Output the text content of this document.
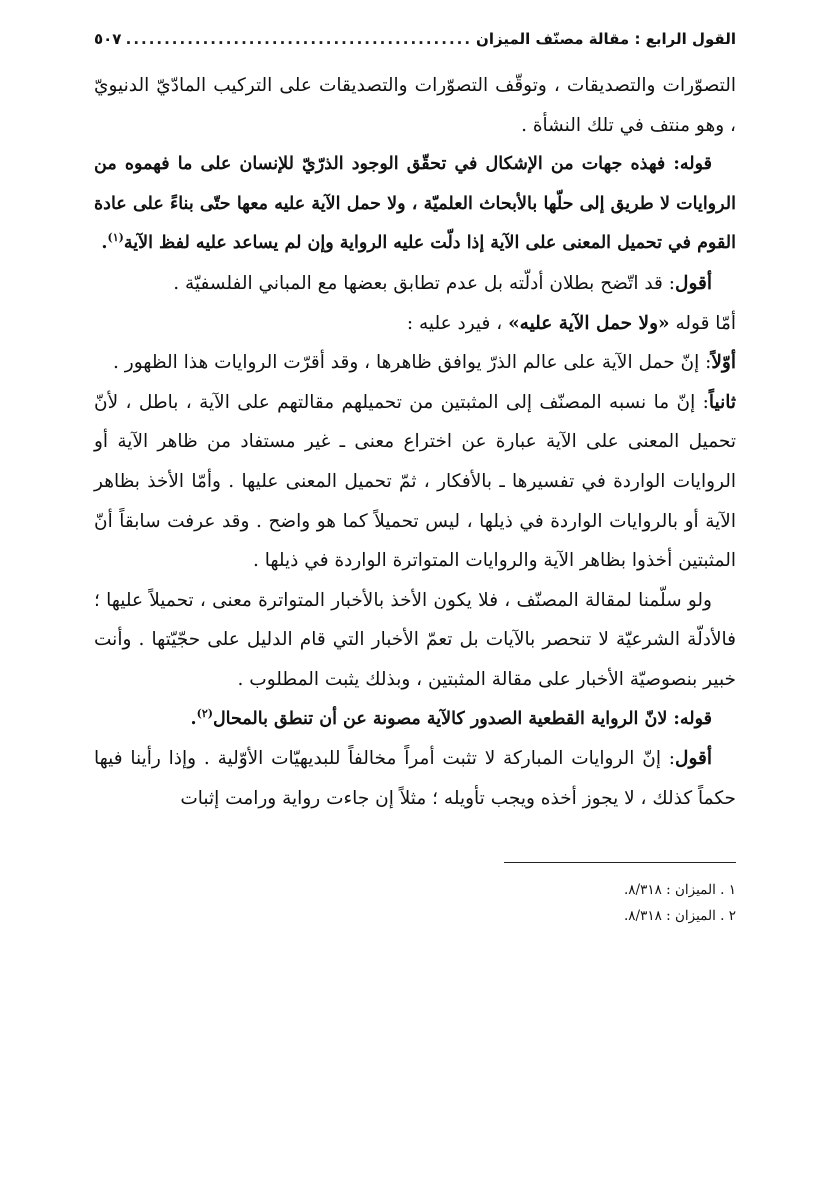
القول الرابع : مقالة مصنّف الميزان
.....
٥٠٧

التصوّرات والتصديقات ، وتوقّف التصوّرات والتصديقات على التركيب المادّيّ الدنيويّ ، وهو منتف في تلك النشأة .

قوله: فهذه جهات من الإشكال في تحقّق الوجود الذرّيّ للإنسان على ما فهموه من الروايات لا طريق إلى حلّها بالأبحاث العلميّة ، ولا حمل الآية عليه معها حتّى بناءً على عادة القوم في تحميل المعنى على الآية إذا دلّت عليه الرواية وإن لم يساعد عليه لفظ الآية$^{(١)}$.

أقول: قد اتّضح بطلان أدلّته بل عدم تطابق بعضها مع المباني الفلسفيّة .

أمّا قوله «ولا حمل الآية عليه» ، فيرد عليه :

أوّلاً: إنّ حمل الآية على عالم الذرّ يوافق ظاهرها ، وقد أقرّت الروايات هذا الظهور .

ثانياً: إنّ ما نسبه المصنّف إلى المثبتين من تحميلهم مقالتهم على الآية ، باطل ، لأنّ تحميل المعنى على الآية عبارة عن اختراع معنى ـ غير مستفاد من ظاهر الآية أو الروايات الواردة في تفسيرها ـ بالأفكار ، ثمّ تحميل المعنى عليها . وأمّا الأخذ بظاهر الآية أو بالروايات الواردة في ذيلها ، ليس تحميلاً كما هو واضح . وقد عرفت سابقاً أنّ المثبتين أخذوا بظاهر الآية والروايات المتواترة الواردة في ذيلها .

ولو سلّمنا لمقالة المصنّف ، فلا يكون الأخذ بالأخبار المتواترة معنى ، تحميلاً عليها ؛ فالأدلّة الشرعيّة لا تنحصر بالآيات بل تعمّ الأخبار التي قام الدليل على حجّيّتها . وأنت خبير بنصوصيّة الأخبار على مقالة المثبتين ، وبذلك يثبت المطلوب .

قوله: لانّ الرواية القطعية الصدور كالآية مصونة عن أن تنطق بالمحال$^{(٢)}$.

أقول: إنّ الروايات المباركة لا تثبت أمراً مخالفاً للبديهيّات الأوّلية . وإذا رأينا فيها حكماً كذلك ، لا يجوز أخذه ويجب تأويله ؛ مثلاً إن جاءت رواية ورامت إثبات

١ . الميزان : ٨/٣١٨.

٢ . الميزان : ٨/٣١٨.
